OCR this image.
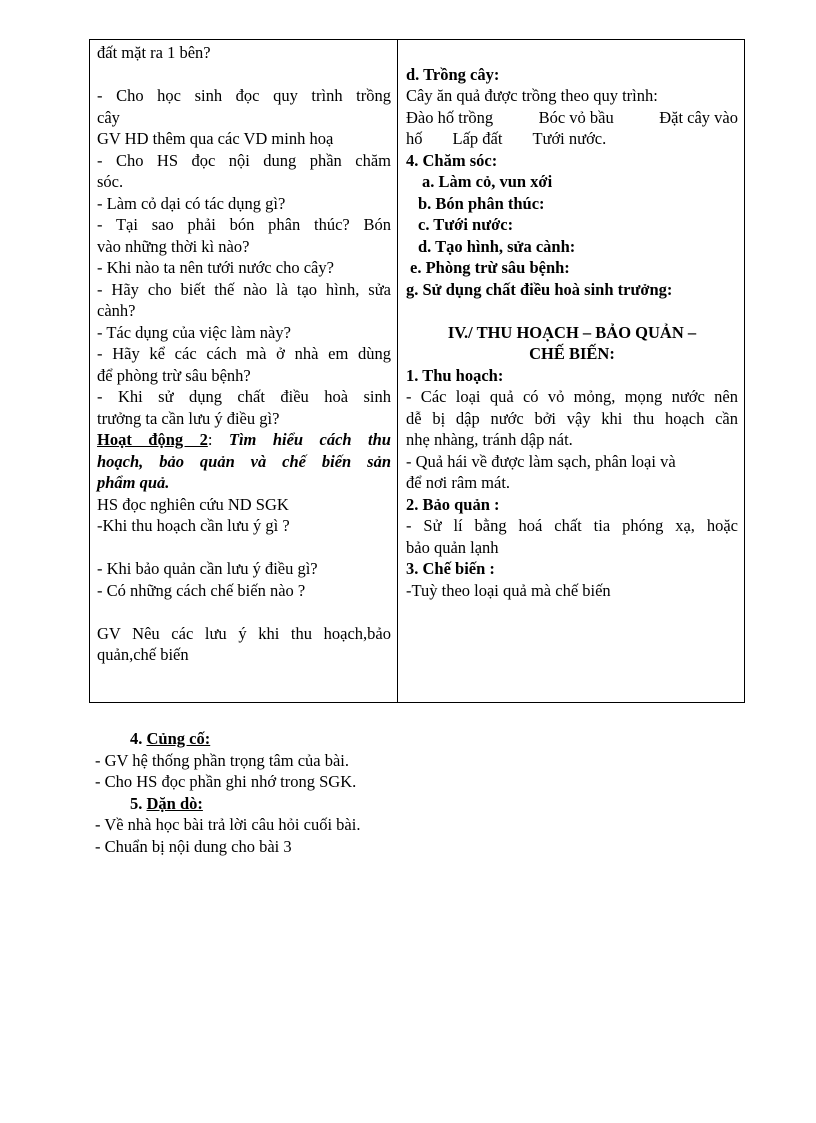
đất mặt ra 1 bên?
- Cho học sinh đọc quy trình trồng
cây
GV HD thêm qua các VD minh hoạ
- Cho HS đọc nội dung phần chăm
sóc.
- Làm cỏ dại có tác dụng gì?
- Tại sao phải bón phân thúc? Bón
vào những thời kì nào?
- Khi nào ta nên tưới nước cho cây?
- Hãy cho biết thế nào là tạo hình, sửa
cành?
- Tác dụng của việc làm này?
- Hãy kể các cách mà ở nhà em dùng
để phòng trừ sâu bệnh?
- Khi sử dụng chất điều hoà sinh
trưởng ta cần lưu ý điều gì?
Hoạt động 2: Tìm hiểu cách thu
hoạch, bảo quản và chế biến sản
phẩm quả.
HS đọc nghiên cứu ND SGK
-Khi thu hoạch cần lưu ý gì ?
- Khi bảo quản cần lưu ý điều gì?
- Có những cách chế biến nào ?
GV Nêu các lưu ý khi thu hoạch,bảo
quản,chế biến
d. Trồng cây:
Cây ăn quả được trồng theo quy trình:
Đào hố trồng	Bóc vỏ bầu	Đặt cây vào
hố Lấp đất Tưới nước.
4. Chăm sóc:
a. Làm cỏ, vun xới
b. Bón phân thúc:
c. Tưới nước:
d. Tạo hình, sửa cành:
e. Phòng trừ sâu bệnh:
g. Sử dụng chất điều hoà sinh trưởng:
IV./ THU HOẠCH – BẢO QUẢN –
CHẾ BIẾN:
1. Thu hoạch:
- Các loại quả có vỏ mỏng, mọng nước nên
dễ bị dập nước bởi vậy khi thu hoạch cần
nhẹ nhàng, tránh dập nát.
- Quả hái về được làm sạch, phân loại và
để nơi râm mát.
2. Bảo quản :
- Sử lí bằng hoá chất tia phóng xạ, hoặc
bảo quản lạnh
3. Chế biến :
-Tuỳ theo loại quả mà chế biến
4. Củng cố:
- GV hệ thống phần trọng tâm của bài.
- Cho HS đọc phần ghi nhớ trong SGK.
5. Dặn dò:
- Về nhà học bài trả lời câu hỏi cuối bài.
- Chuẩn bị nội dung cho bài 3
